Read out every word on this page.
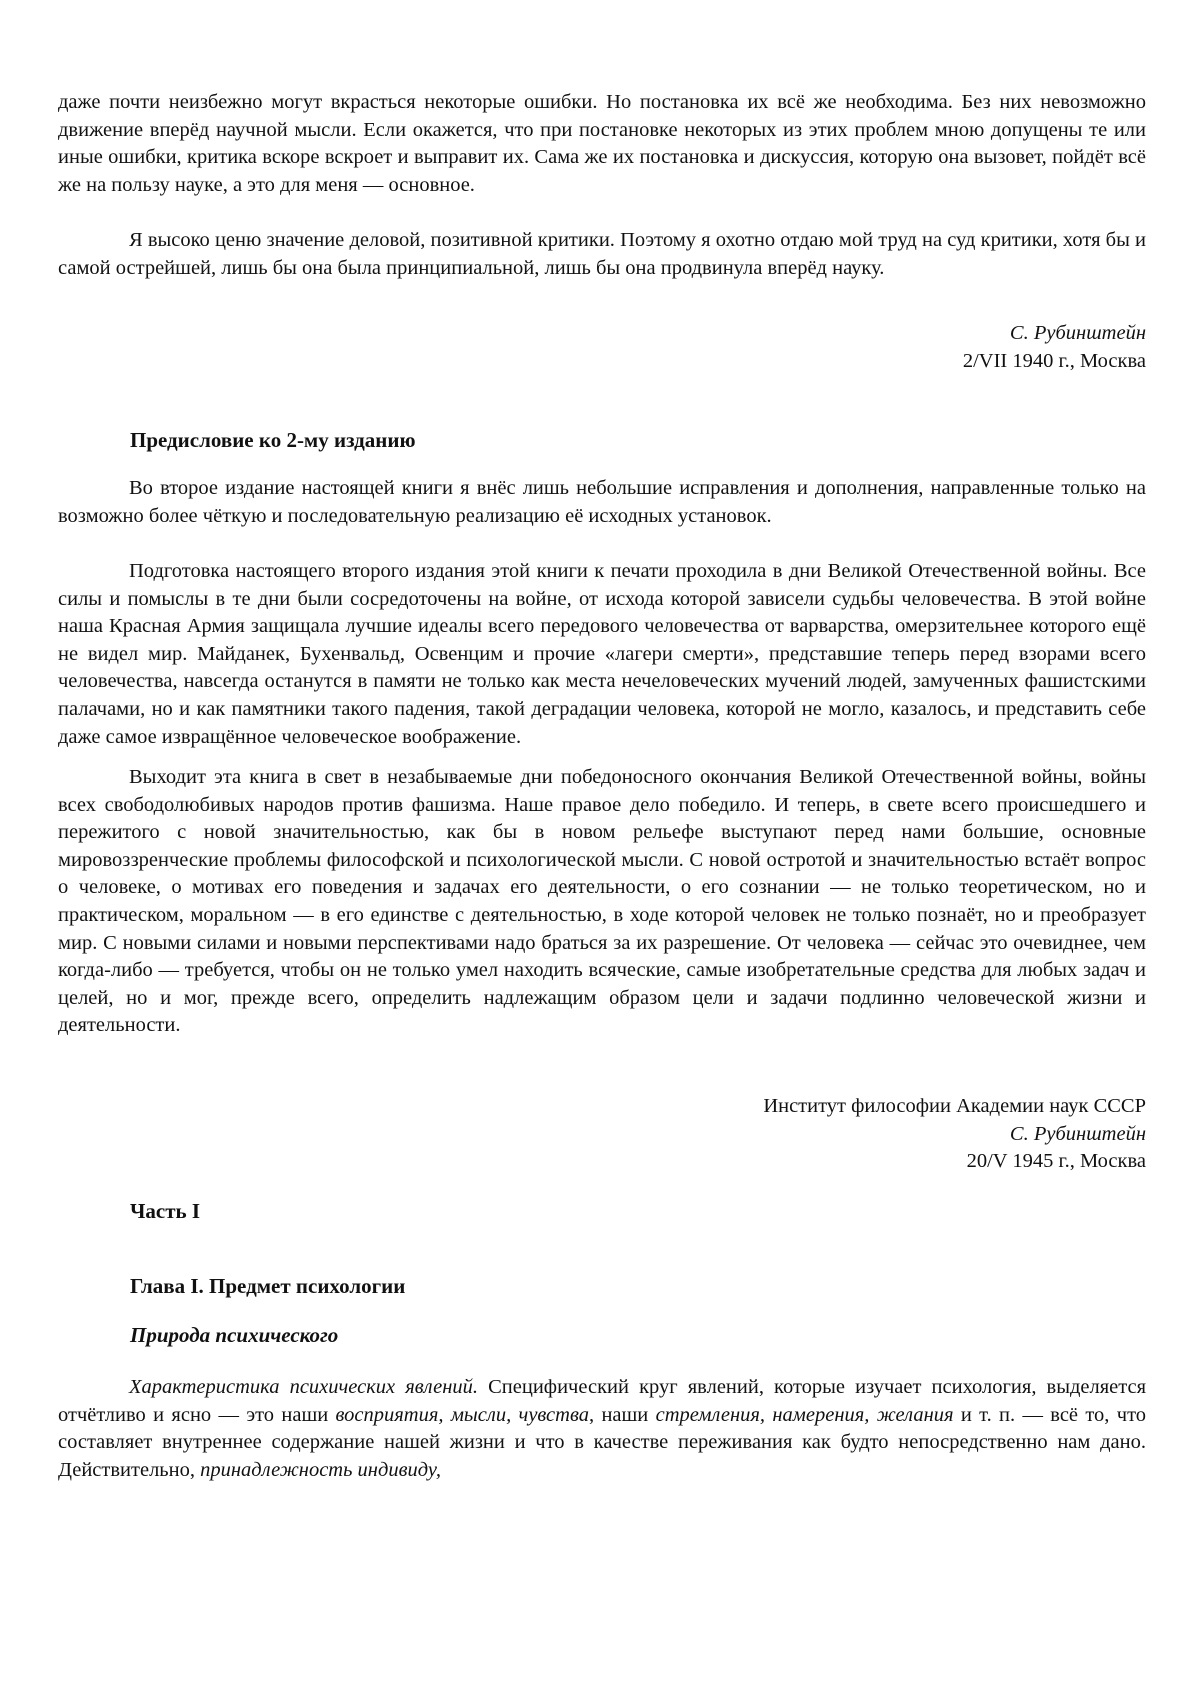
даже почти неизбежно могут вкрасться некоторые ошибки. Но постановка их всё же необходима. Без них невозможно движение вперёд научной мысли. Если окажется, что при постановке некоторых из этих проблем мною допущены те или иные ошибки, критика вскоре вскроет и выправит их. Сама же их постановка и дискуссия, которую она вызовет, пойдёт всё же на пользу науке, а это для меня — основное.

Я высоко ценю значение деловой, позитивной критики. Поэтому я охотно отдаю мой труд на суд критики, хотя бы и самой острейшей, лишь бы она была принципиальной, лишь бы она продвинула вперёд науку.

С. Рубинштейн
2/VII 1940 г., Москва

Предисловие ко 2-му изданию

Во второе издание настоящей книги я внёс лишь небольшие исправления и дополнения, направленные только на возможно более чёткую и последовательную реализацию её исходных установок.

Подготовка настоящего второго издания этой книги к печати проходила в дни Великой Отечественной войны. Все силы и помыслы в те дни были сосредоточены на войне, от исхода которой зависели судьбы человечества. В этой войне наша Красная Армия защищала лучшие идеалы всего передового человечества от варварства, омерзительнее которого ещё не видел мир. Майданек, Бухенвальд, Освенцим и прочие «лагери смерти», представшие теперь перед взорами всего человечества, навсегда останутся в памяти не только как места нечеловеческих мучений людей, замученных фашистскими палачами, но и как памятники такого падения, такой деградации человека, которой не могло, казалось, и представить себе даже самое извращённое человеческое воображение.

Выходит эта книга в свет в незабываемые дни победоносного окончания Великой Отечественной войны, войны всех свободолюбивых народов против фашизма. Наше правое дело победило. И теперь, в свете всего происшедшего и пережитого с новой значительностью, как бы в новом рельефе выступают перед нами большие, основные мировоззренческие проблемы философской и психологической мысли. С новой остротой и значительностью встаёт вопрос о человеке, о мотивах его поведения и задачах его деятельности, о его сознании — не только теоретическом, но и практическом, моральном — в его единстве с деятельностью, в ходе которой человек не только познаёт, но и преобразует мир. С новыми силами и новыми перспективами надо браться за их разрешение. От человека — сейчас это очевиднее, чем когда-либо — требуется, чтобы он не только умел находить всяческие, самые изобретательные средства для любых задач и целей, но и мог, прежде всего, определить надлежащим образом цели и задачи подлинно человеческой жизни и деятельности.

Институт философии Академии наук СССР
С. Рубинштейн
20/V 1945 г., Москва

Часть I
Глава I. Предмет психологии
Природа психического

Характеристика психических явлений. Специфический круг явлений, которые изучает психология, выделяется отчётливо и ясно — это наши восприятия, мысли, чувства, наши стремления, намерения, желания и т. п. — всё то, что составляет внутреннее содержание нашей жизни и что в качестве переживания как будто непосредственно нам дано. Действительно, принадлежность индивиду,
